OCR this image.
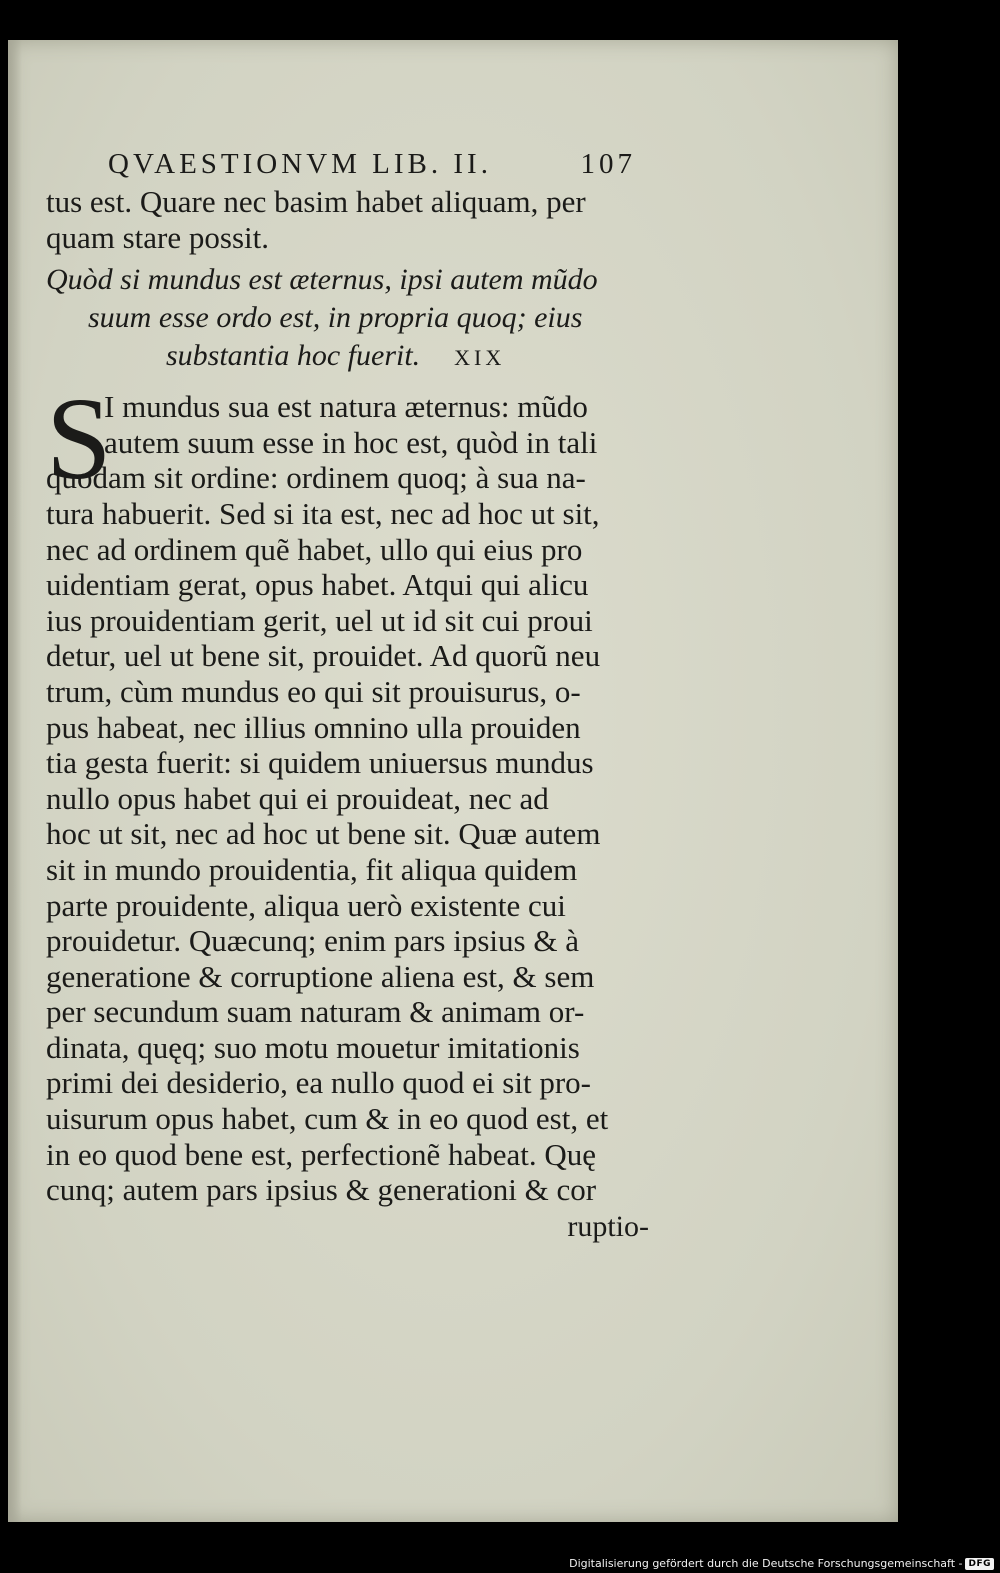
QVAESTIONVM LIB. II.	107
tus est. Quare nec basim habet aliquam, per
quam stare possit.
Quòd si mundus est æternus, ipsi autem mũdo
suum esse ordo est, in propria quoq; eius
substantia hoc fuerit. XIX
S
I mundus sua est natura æternus: mũdo
autem suum esse in hoc est, quòd in tali
quodam sit ordine: ordinem quoq; à sua na-
tura habuerit. Sed si ita est, nec ad hoc ut sit,
nec ad ordinem quẽ habet, ullo qui eius pro
uidentiam gerat, opus habet. Atqui qui alicu
ius prouidentiam gerit, uel ut id sit cui proui
detur, uel ut bene sit, prouidet. Ad quorũ neu
trum, cùm mundus eo qui sit prouisurus, o-
pus habeat, nec illius omnino ulla prouiden
tia gesta fuerit: si quidem uniuersus mundus
nullo opus habet qui ei prouideat, nec ad
hoc ut sit, nec ad hoc ut bene sit. Quæ autem
sit in mundo prouidentia, fit aliqua quidem
parte prouidente, aliqua uerò existente cui
prouidetur. Quæcunq; enim pars ipsius & à
generatione & corruptione aliena est, & sem
per secundum suam naturam & animam or-
dinata, quęq; suo motu mouetur imitationis
primi dei desiderio, ea nullo quod ei sit pro-
uisurum opus habet, cum & in eo quod est, et
in eo quod bene est, perfectionẽ habeat. Quę
cunq; autem pars ipsius & generationi & cor
ruptio-
Digitalisierung gefördert durch die Deutsche Forschungsgemeinschaft - DFG
